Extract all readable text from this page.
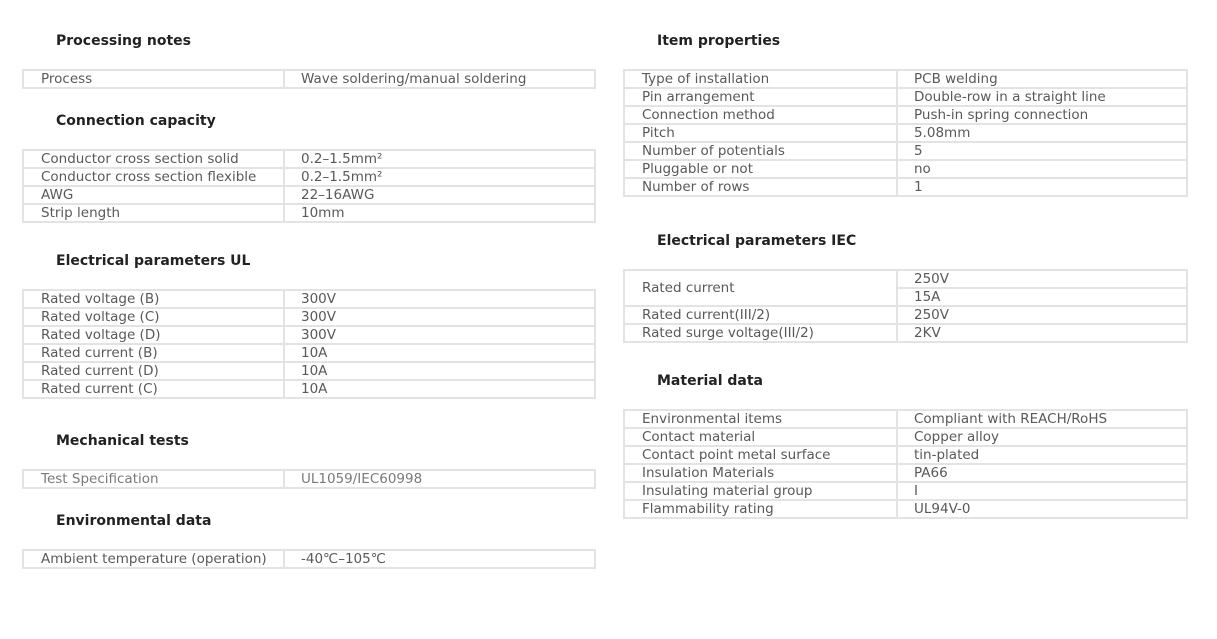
Processing notes
Process	Wave soldering/manual soldering
Connection capacity
Conductor cross section solid	0.2–1.5mm²
Conductor cross section flexible	0.2–1.5mm²
AWG	22–16AWG
Strip length	10mm
Electrical parameters UL
Rated voltage (B)	300V
Rated voltage (C)	300V
Rated voltage (D)	300V
Rated current (B)	10A
Rated current (D)	10A
Rated current (C)	10A
Mechanical tests
Test Specification	UL1059/IEC60998
Environmental data
Ambient temperature (operation)	-40℃–105℃
Item properties
Type of installation	PCB welding
Pin arrangement	Double-row in a straight line
Connection method	Push-in spring connection
Pitch	5.08mm
Number of potentials	5
Pluggable or not	no
Number of rows	1
Electrical parameters IEC
Rated current	250V
	15A
Rated current(III/2)	250V
Rated surge voltage(III/2)	2KV
Material data
Environmental items	Compliant with REACH/RoHS
Contact material	Copper alloy
Contact point metal surface	tin-plated
Insulation Materials	PA66
Insulating material group	Ⅰ
Flammability rating	UL94V-0
